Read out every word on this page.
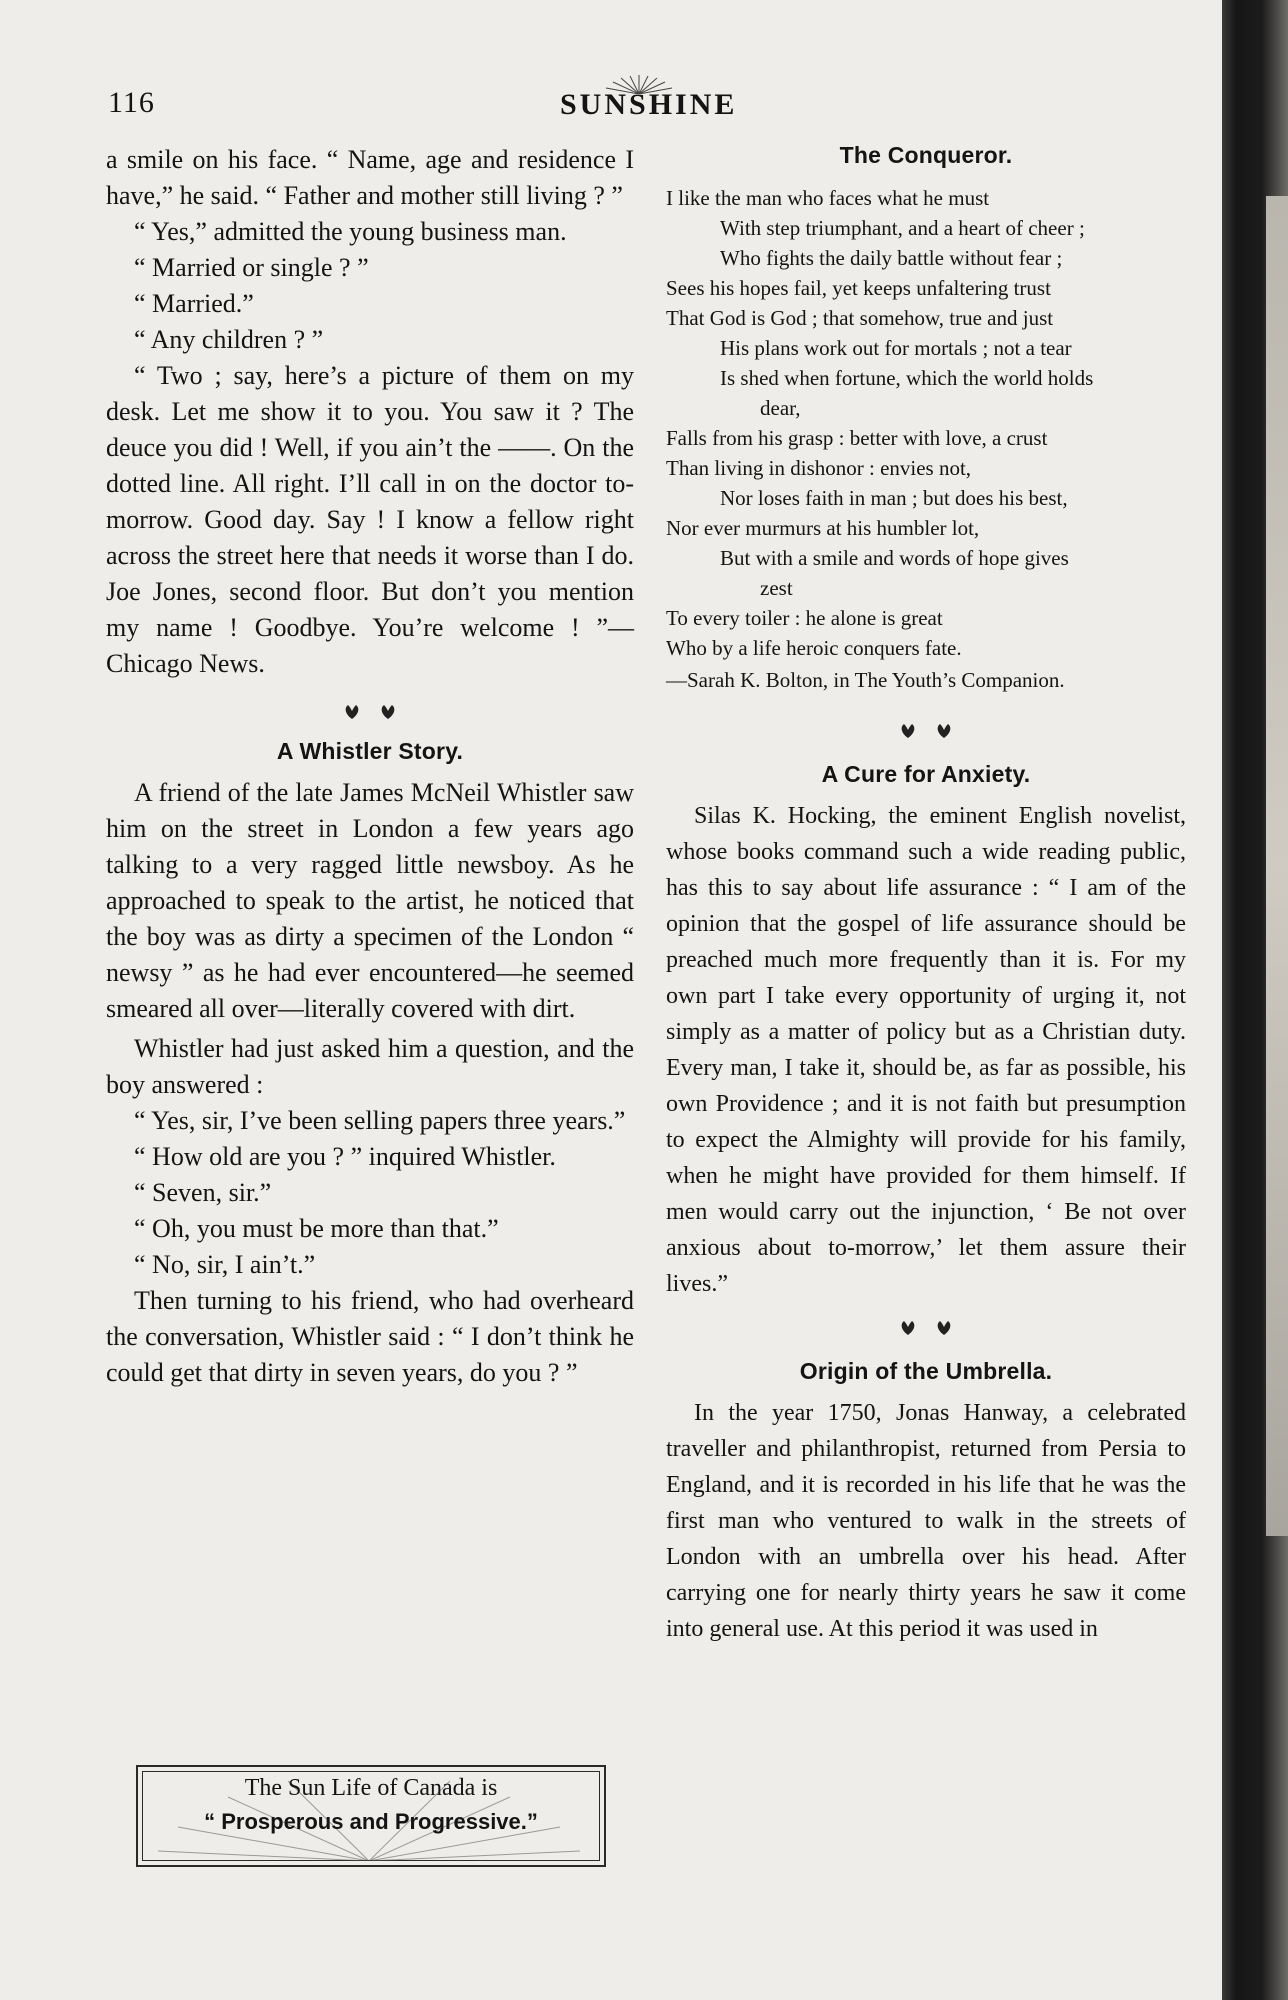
116	SUNSHINE

a smile on his face. “ Name, age and residence I have,” he said. “ Father and mother still living ? ”

“ Yes,” admitted the young business man.

“ Married or single ? ”

“ Married.”

“ Any children ? ”

“ Two ; say, here’s a picture of them on my desk. Let me show it to you. You saw it ? The deuce you did ! Well, if you ain’t the ——. On the dotted line. All right. I’ll call in on the doctor to-morrow. Good day. Say ! I know a fellow right across the street here that needs it worse than I do. Joe Jones, second floor. But don’t you mention my name ! Goodbye. You’re welcome ! ”—Chicago News.

A Whistler Story.

A friend of the late James McNeil Whistler saw him on the street in London a few years ago talking to a very ragged little newsboy. As he approached to speak to the artist, he noticed that the boy was as dirty a specimen of the London “ newsy ” as he had ever encountered—he seemed smeared all over—literally covered with dirt.

Whistler had just asked him a question, and the boy answered :

“ Yes, sir, I’ve been selling papers three years.”

“ How old are you ? ” inquired Whistler.

“ Seven, sir.”

“ Oh, you must be more than that.”

“ No, sir, I ain’t.”

Then turning to his friend, who had overheard the conversation, Whistler said : “ I don’t think he could get that dirty in seven years, do you ? ”

The Sun Life of Canada is
“ Prosperous and Progressive.”

The Conqueror.

I like the man who faces what he must

With step triumphant, and a heart of cheer ;

Who fights the daily battle without fear ;

Sees his hopes fail, yet keeps unfaltering trust

That God is God ; that somehow, true and just

His plans work out for mortals ; not a tear

Is shed when fortune, which the world holds

dear,

Falls from his grasp : better with love, a crust

Than living in dishonor : envies not,

Nor loses faith in man ; but does his best,

Nor ever murmurs at his humbler lot,

But with a smile and words of hope gives

zest

To every toiler : he alone is great

Who by a life heroic conquers fate.

—Sarah K. Bolton, in The Youth’s Companion.

A Cure for Anxiety.

Silas K. Hocking, the eminent English novelist, whose books command such a wide reading public, has this to say about life assurance : “ I am of the opinion that the gospel of life assurance should be preached much more frequently than it is. For my own part I take every opportunity of urging it, not simply as a matter of policy but as a Christian duty. Every man, I take it, should be, as far as possible, his own Providence ; and it is not faith but presumption to expect the Almighty will provide for his family, when he might have provided for them himself. If men would carry out the injunction, ‘ Be not over anxious about to-morrow,’ let them assure their lives.”

Origin of the Umbrella.

In the year 1750, Jonas Hanway, a celebrated traveller and philanthropist, returned from Persia to England, and it is recorded in his life that he was the first man who ventured to walk in the streets of London with an umbrella over his head. After carrying one for nearly thirty years he saw it come into general use. At this period it was used in
